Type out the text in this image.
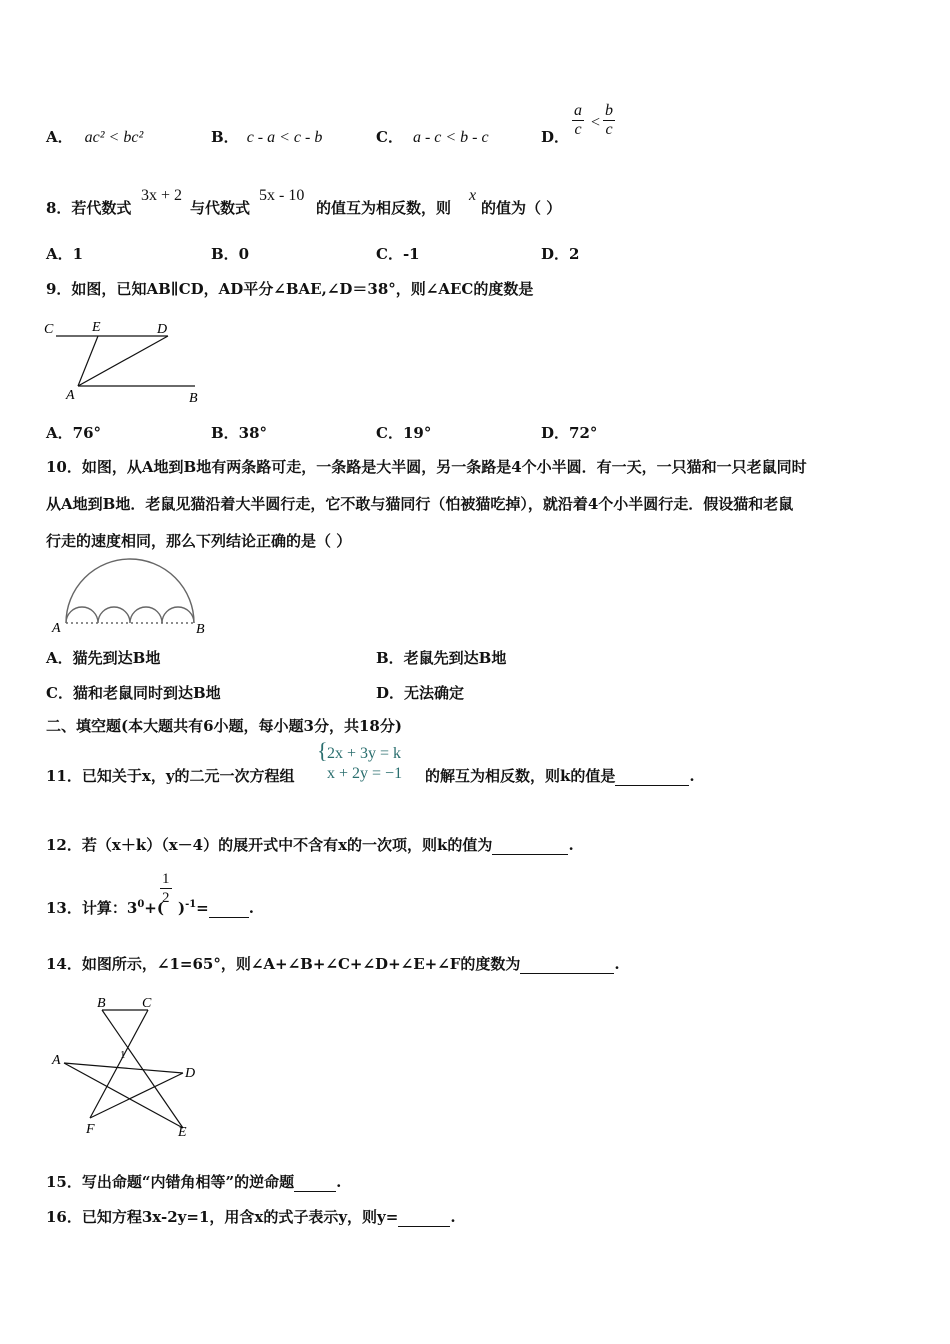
A． ac² < bc²	B． c - a < c - b	C． a - c < b - c	D． $\frac{a}{c} < \frac{b}{c}$
8．若代数式
3x + 2
与代数式
5x - 10
的值互为相反数，则
x
的值为（ ）
A．1	B．0	C．-1	D．2
9．如图，已知AB∥CD，AD平分∠BAE,∠D＝38°，则∠AEC的度数是
C	E	D
A	B
A．76°	B．38°	C．19°	D．72°
10．如图，从A地到B地有两条路可走，一条路是大半圆，另一条路是4个小半圆．有一天，一只猫和一只老鼠同时
从A地到B地．老鼠见猫沿着大半圆行走，它不敢与猫同行（怕被猫吃掉），就沿着4个小半圆行走．假设猫和老鼠
行走的速度相同，那么下列结论正确的是（ ）
A	B
A．猫先到达B地	B．老鼠先到达B地
C．猫和老鼠同时到达B地	D．无法确定
二、填空题(本大题共有6小题，每小题3分，共18分)
11．已知关于x，y的二元一次方程组
{ 2x + 3y = k
x + 2y = −1 的解互为相反数，则k的值是	.
12．若（x＋k）（x－4）的展开式中不含有x的一次项，则k的值为	.
13．计算：$3^0+$( )$^{-1}$=	.
$\frac{1}{2}$
14．如图所示，∠1=65°，则∠A+∠B+∠C+∠D+∠E+∠F的度数为	.
B	C
A
D
F	E
1
15．写出命题“内错角相等”的逆命题	.
16．已知方程3x-2y=1，用含x的式子表示y，则y=	.
